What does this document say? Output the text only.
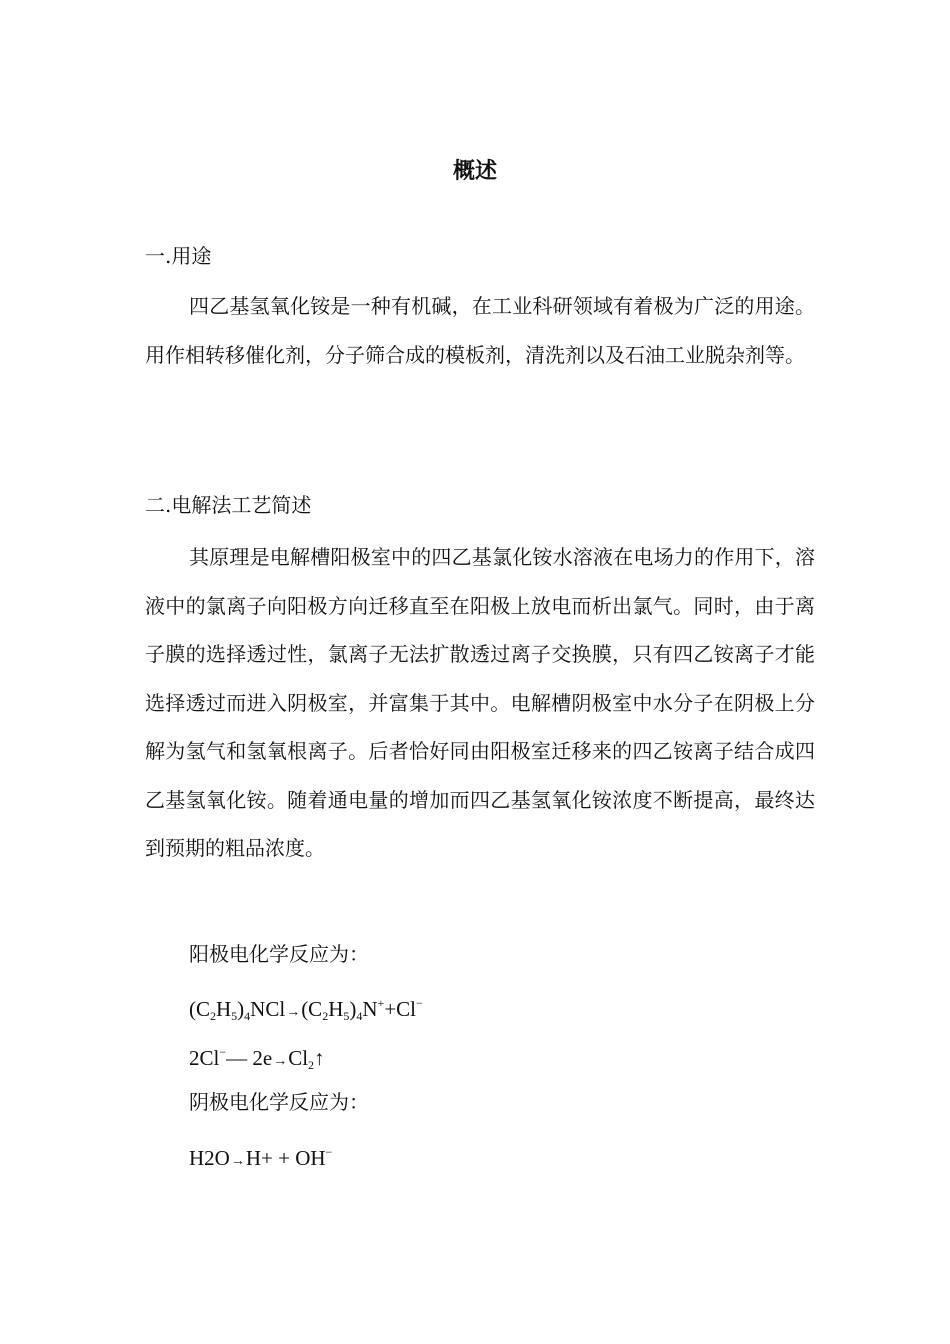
概述
一.用途

四乙基氢氧化铵是一种有机碱，在工业科研领域有着极为广泛的用途。用作相转移催化剂，分子筛合成的模板剂，清洗剂以及石油工业脱杂剂等。

二.电解法工艺简述

其原理是电解槽阳极室中的四乙基氯化铵水溶液在电场力的作用下，溶液中的氯离子向阳极方向迁移直至在阳极上放电而析出氯气。同时，由于离子膜的选择透过性，氯离子无法扩散透过离子交换膜，只有四乙铵离子才能选择透过而进入阴极室，并富集于其中。电解槽阴极室中水分子在阴极上分解为氢气和氢氧根离子。后者恰好同由阳极室迁移来的四乙铵离子结合成四乙基氢氧化铵。随着通电量的增加而四乙基氢氧化铵浓度不断提高，最终达到预期的粗品浓度。

阳极电化学反应为：
$(C_2H_5)_4NCl\to(C_2H_5)_4N^++Cl^-$
2Cl−— $2e\to Cl_2↑$
阴极电化学反应为：
H2O→H+ + OH−
